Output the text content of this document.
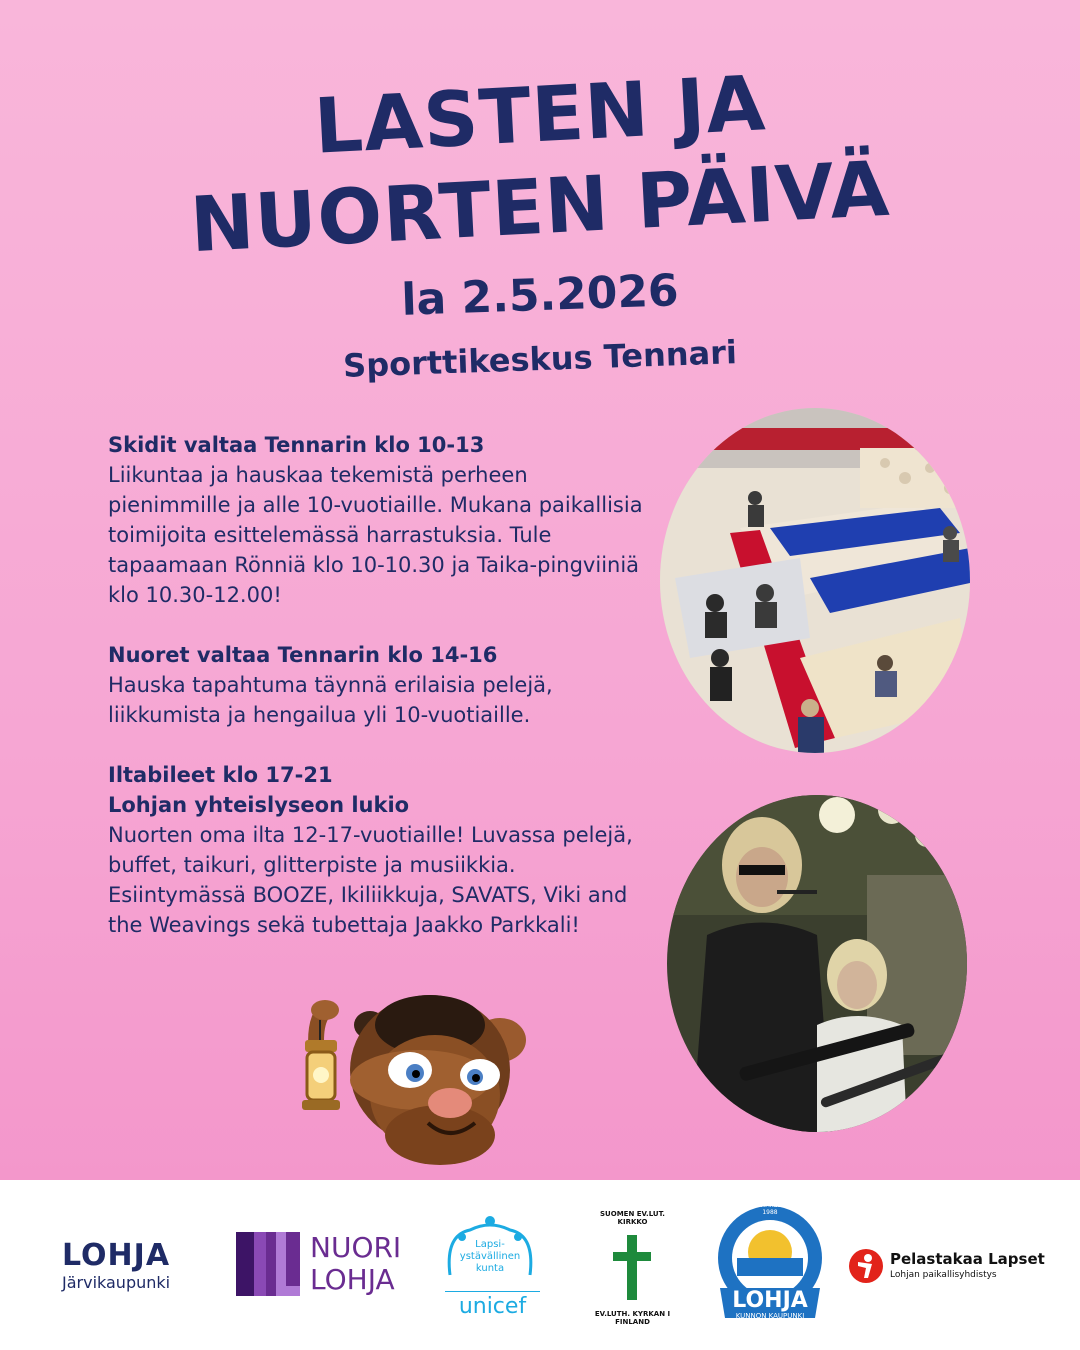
LASTEN JA
NUORTEN PÄIVÄ
la 2.5.2026
Sporttikeskus Tennari
Skidit valtaa Tennarin klo 10-13
Liikuntaa ja hauskaa tekemistä perheen pienimmille ja alle 10-vuotiaille. Mukana paikallisia toimijoita esittelemässä harrastuksia. Tule tapaamaan Rönniä klo 10-10.30 ja Taika-pingviiniä klo 10.30-12.00!
Nuoret valtaa Tennarin klo 14-16
Hauska tapahtuma täynnä erilaisia pelejä, liikkumista ja hengailua yli 10-vuotiaille.
Iltabileet klo 17-21
Lohjan yhteislyseon lukio
Nuorten oma ilta 12-17-vuotiaille! Luvassa pelejä, buffet, taikuri, glitterpiste ja musiikkia. Esiintymässä BOOZE, Ikiliikkuja, SAVATS, Viki and the Weavings sekä tubettaja Jaakko Parkkali!
LOHJA
Järvikaupunki
NUORI
LOHJA
Lapsi-
ystävällinen
kunta
unicef
SUOMEN EV.LUT. KIRKKO
EV.LUTH. KYRKAN I FINLAND
LOHJAN LIIKUNTAKESKUS OY • EST 1988
LOHJA
KUNNON KAUPUNKI
Pelastakaa Lapset
Lohjan paikallisyhdistys
